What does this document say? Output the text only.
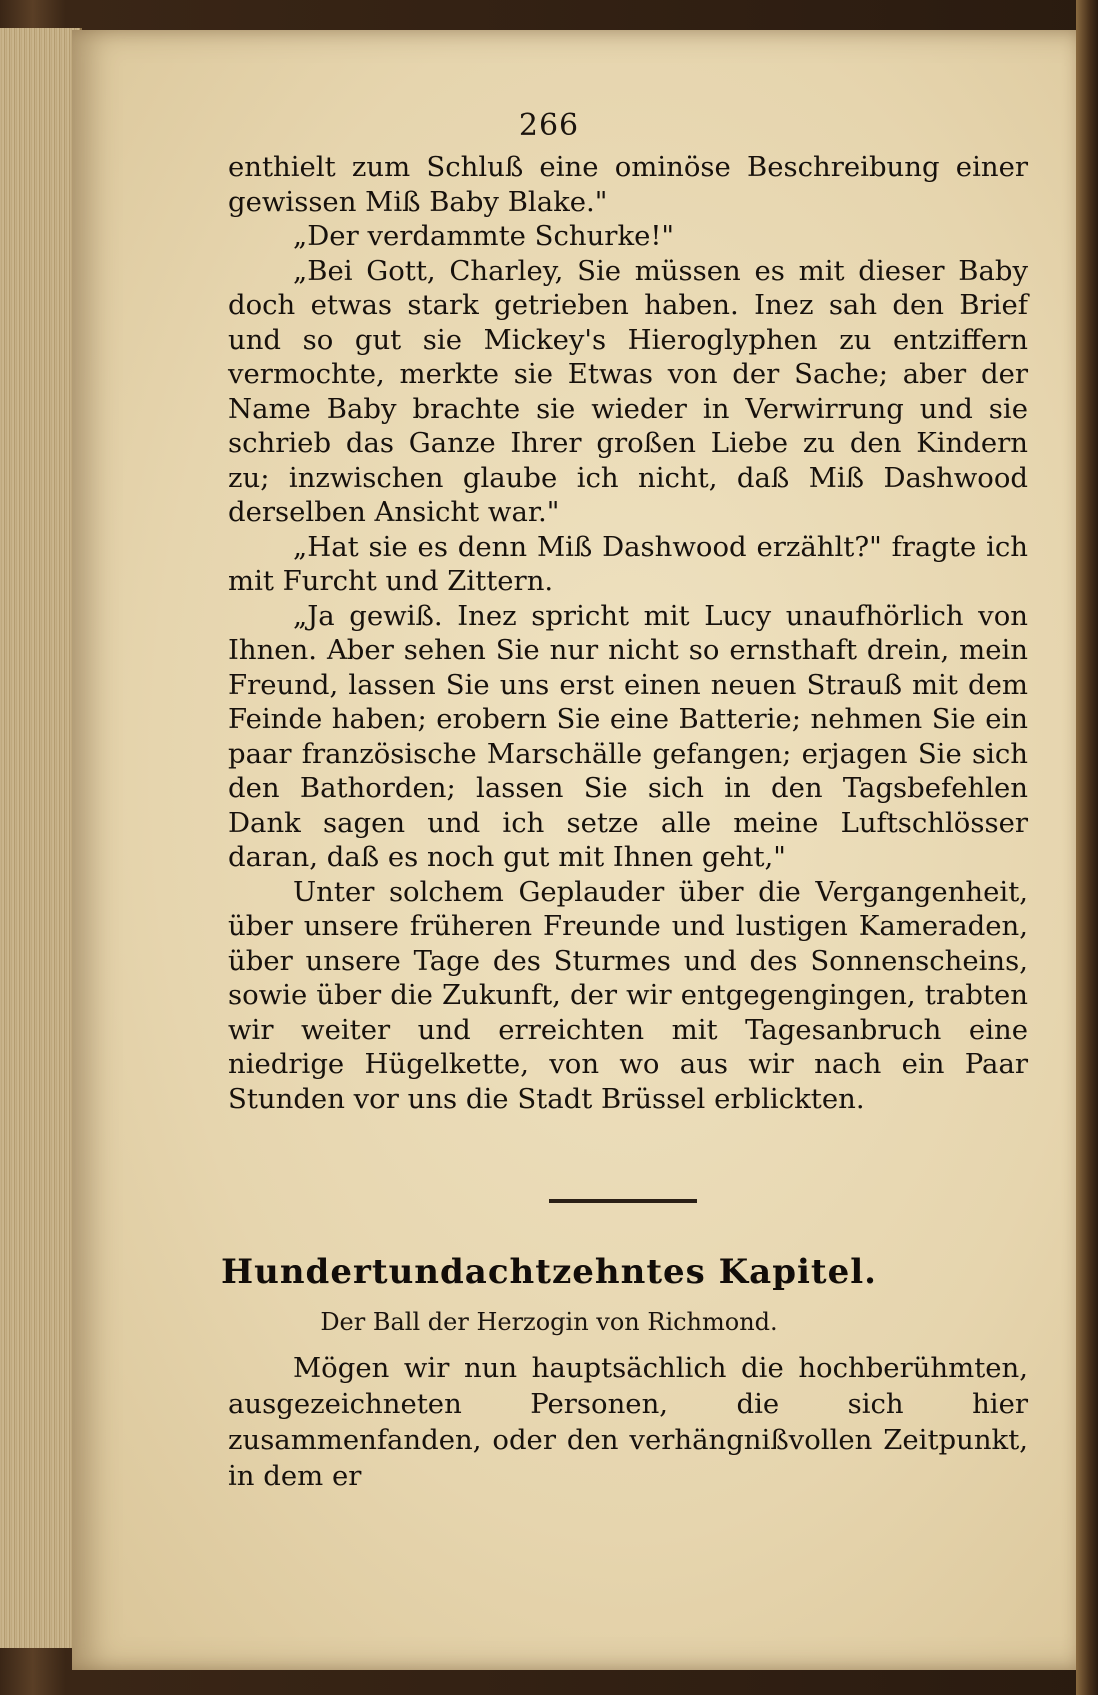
266

enthielt zum Schluß eine ominöse Beschreibung einer gewissen Miß Baby Blake."

„Der verdammte Schurke!"

„Bei Gott, Charley, Sie müssen es mit dieser Baby doch etwas stark getrieben haben. Inez sah den Brief und so gut sie Mickey's Hieroglyphen zu entziffern vermochte, merkte sie Etwas von der Sache; aber der Name Baby brachte sie wieder in Verwirrung und sie schrieb das Ganze Ihrer großen Liebe zu den Kindern zu; inzwischen glaube ich nicht, daß Miß Dashwood derselben Ansicht war."

„Hat sie es denn Miß Dashwood erzählt?" fragte ich mit Furcht und Zittern.

„Ja gewiß. Inez spricht mit Lucy unaufhörlich von Ihnen. Aber sehen Sie nur nicht so ernsthaft drein, mein Freund, lassen Sie uns erst einen neuen Strauß mit dem Feinde haben; erobern Sie eine Batterie; nehmen Sie ein paar französische Marschälle gefangen; erjagen Sie sich den Bathorden; lassen Sie sich in den Tagsbefehlen Dank sagen und ich setze alle meine Luftschlösser daran, daß es noch gut mit Ihnen geht,"

Unter solchem Geplauder über die Vergangenheit, über unsere früheren Freunde und lustigen Kameraden, über unsere Tage des Sturmes und des Sonnenscheins, sowie über die Zukunft, der wir entgegengingen, trabten wir weiter und erreichten mit Tagesanbruch eine niedrige Hügelkette, von wo aus wir nach ein Paar Stunden vor uns die Stadt Brüssel erblickten.

Hundertundachtzehntes Kapitel.
Der Ball der Herzogin von Richmond.

Mögen wir nun hauptsächlich die hochberühmten, ausgezeichneten Personen, die sich hier zusammenfanden, oder den verhängnißvollen Zeitpunkt, in dem er
